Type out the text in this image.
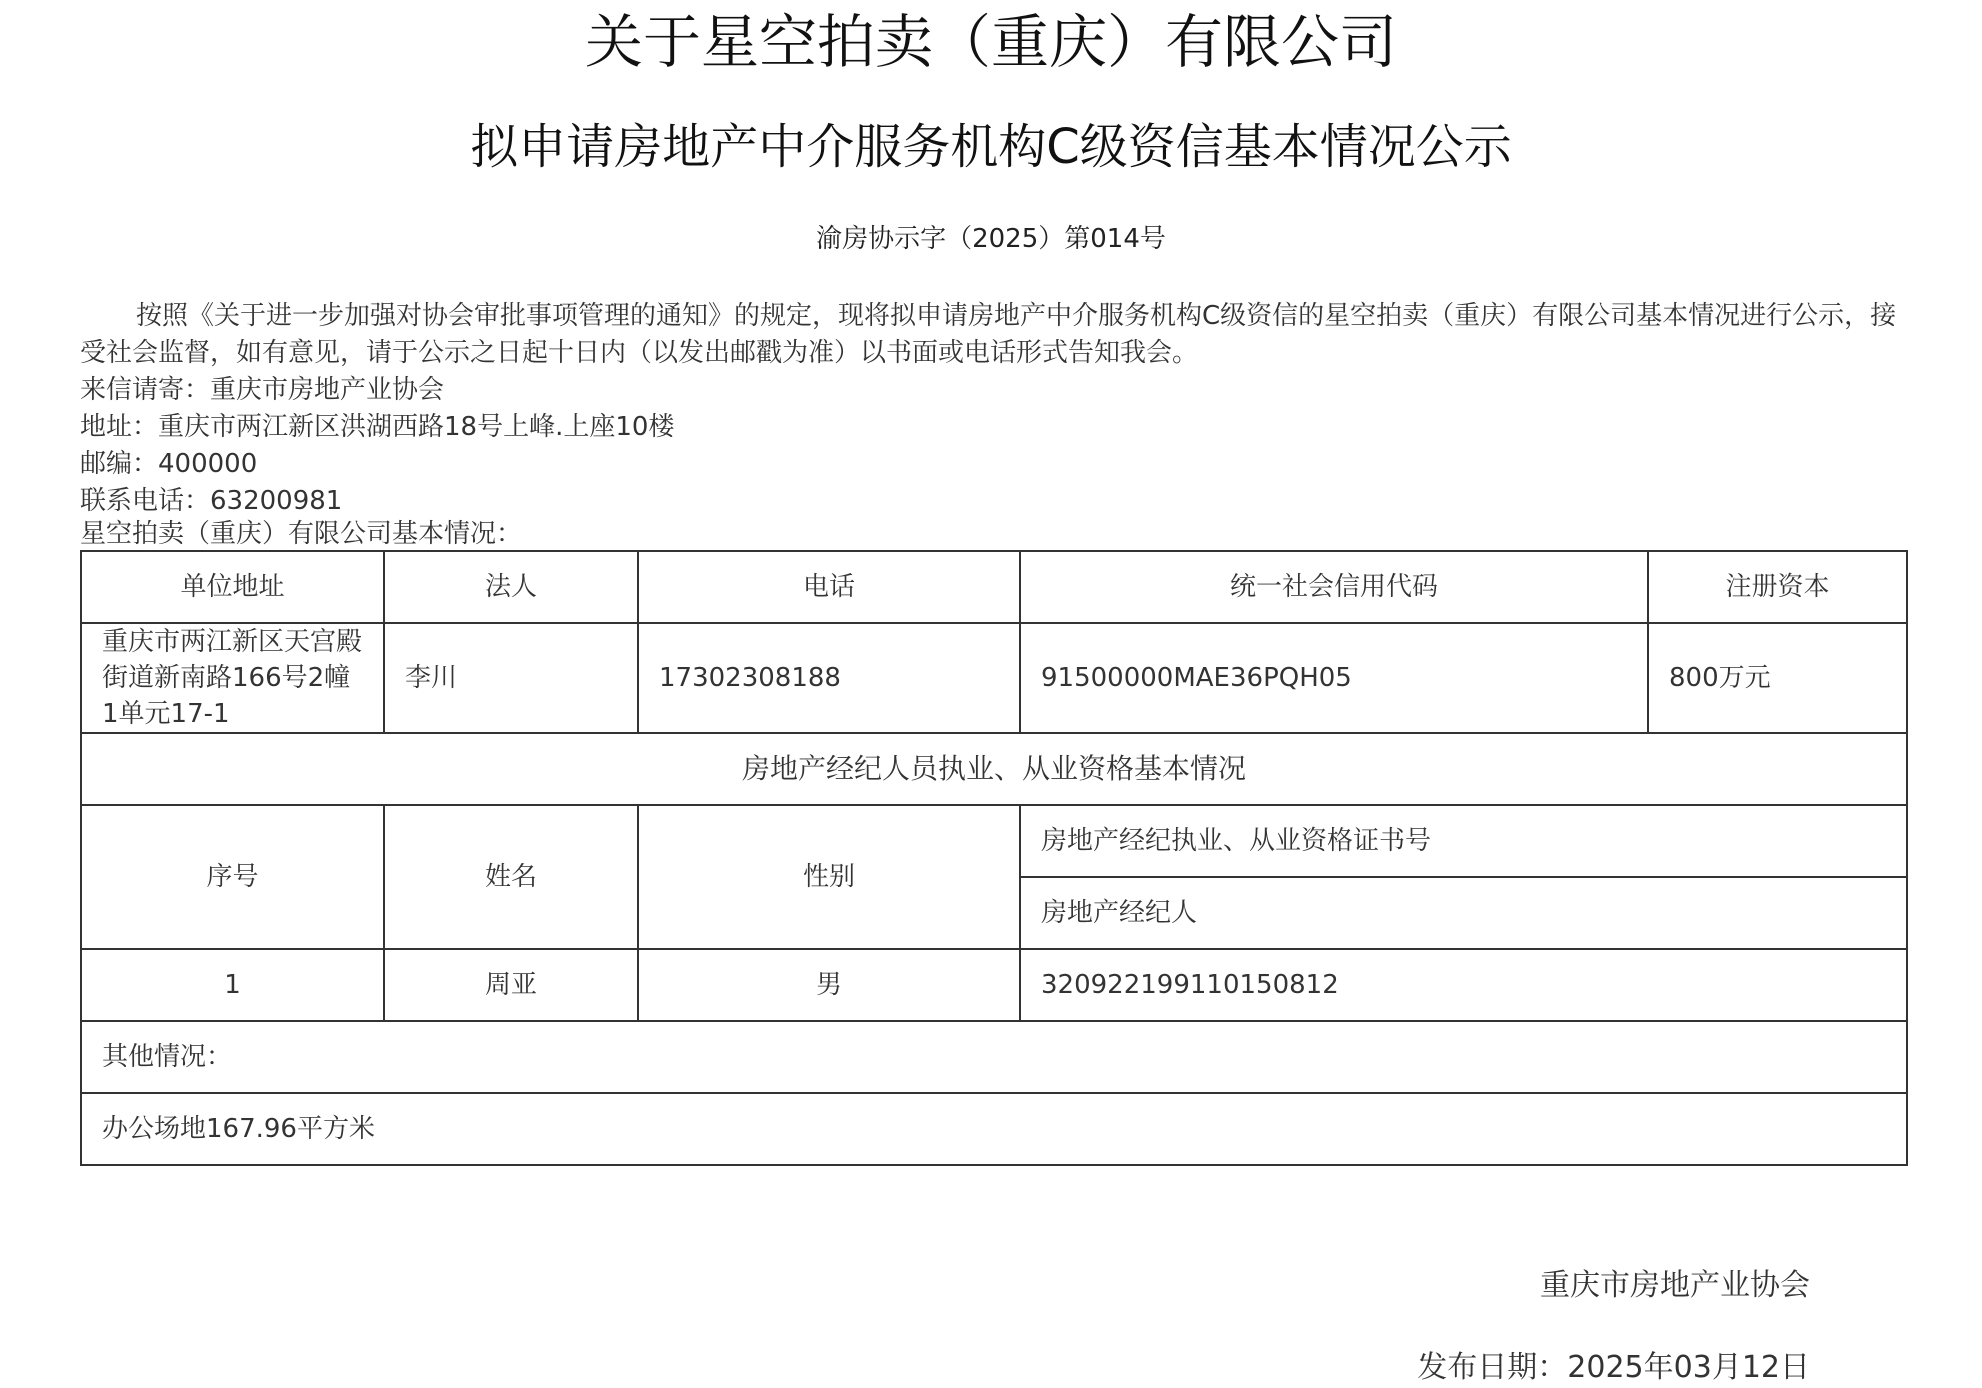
关于星空拍卖（重庆）有限公司
拟申请房地产中介服务机构C级资信基本情况公示
渝房协示字（2025）第014号
按照《关于进一步加强对协会审批事项管理的通知》的规定，现将拟申请房地产中介服务机构C级资信的星空拍卖（重庆）有限公司基本情况进行公示，接受社会监督，如有意见，请于公示之日起十日内（以发出邮戳为准）以书面或电话形式告知我会。
来信请寄：重庆市房地产业协会
地址：重庆市两江新区洪湖西路18号上峰.上座10楼
邮编：400000
联系电话：63200981
星空拍卖（重庆）有限公司基本情况：
单位地址	法人	电话	统一社会信用代码	注册资本
重庆市两江新区天宫殿街道新南路166号2幢1单元17-1	李川	17302308188	91500000MAE36PQH05	800万元
房地产经纪人员执业、从业资格基本情况				
序号	姓名	性别	房地产经纪执业、从业资格证书号	
			房地产经纪人	
1	周亚	男	320922199110150812	
其他情况：				
办公场地167.96平方米				
重庆市房地产业协会
发布日期：2025年03月12日
